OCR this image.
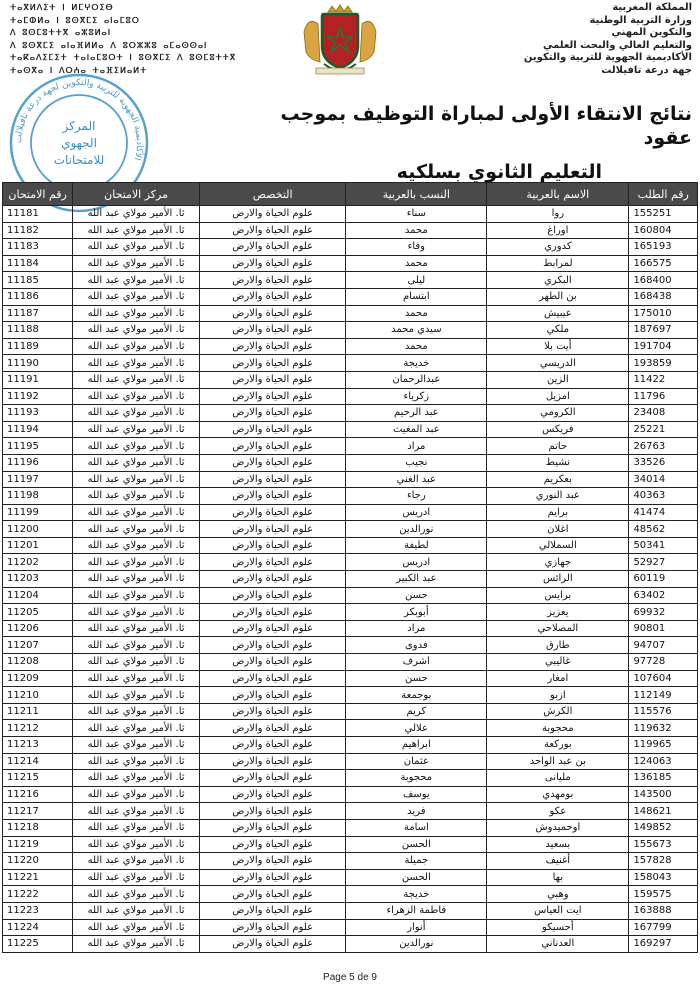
المملكة المغربية
وزارة التربية الوطنية
والتكوين المهني
والتعليم العالي والبحث العلمي
الأكاديمية الجهوية للتربية والتكوين
جهة درعة تافيلالت
ⵜⴰⴳⵍⴷⵉⵜ ⵏ ⵍⵎⵖⵔⵉⴱ
ⵜⴰⵎⵀⵍⴰ ⵏ ⵓⵙⴳⵎⵉ ⴰⵏⴰⵎⵓⵔ
ⴷ ⵓⵙⵎⵓⵜⵜⴳ ⴰⵣⵓⵍⴰⵏ
ⴷ ⵓⵙⴳⵎⵉ ⴰⵏⴰⴼⵍⵍⴰ ⴷ ⵓⵔⵣⵣⵓ ⴰⵎⴰⵙⵙⴰⵏ
ⵜⴰⴽⴰⴷⵉⵎⵉⵜ ⵜⴰⵏⴰⵎⵓⵔⵜ ⵏ ⵓⵙⴳⵎⵉ ⴷ ⵓⵙⵎⵓⵜⵜⴳ
ⵜⴰⵙⴳⴰ ⵏ ⴷⵔⵄⴰ ⵜⴰⴼⵉⵍⴰⵍⵜ
الأكاديمية الجهوية للتربية والتكوين لجهة درعة تافيلالت
المركز
الجهوي
للامتحانات
نتائج الانتقاء الأولى لمباراة التوظيف بموجب عقود
التعليم الثانوي بسلكيه
رقم الطلب	الاسم بالعربية	النسب بالعربية	التخصص	مركز الامتحان	رقم الامتحان
155251	روا	سناء	علوم الحياة والارض	ثا. الأمير مولاي عبد الله	11181
160804	اوراغ	محمد	علوم الحياة والارض	ثا. الأمير مولاي عبد الله	11182
165193	كدوري	وفاء	علوم الحياة والارض	ثا. الأمير مولاي عبد الله	11183
166575	لمرابط	محمد	علوم الحياة والارض	ثا. الأمير مولاي عبد الله	11184
168400	البكري	ليلى	علوم الحياة والارض	ثا. الأمير مولاي عبد الله	11185
168438	بن الطهر	ابتسام	علوم الحياة والارض	ثا. الأمير مولاي عبد الله	11186
175010	عيبيش	محمد	علوم الحياة والارض	ثا. الأمير مولاي عبد الله	11187
187697	ملكي	سيدي محمد	علوم الحياة والارض	ثا. الأمير مولاي عبد الله	11188
191704	أيت بلا	محمد	علوم الحياة والارض	ثا. الأمير مولاي عبد الله	11189
193859	الدريسي	خديجة	علوم الحياة والارض	ثا. الأمير مولاي عبد الله	11190
11422	الزين	عبدالرحمان	علوم الحياة والارض	ثا. الأمير مولاي عبد الله	11191
11796	امزيل	زكرياء	علوم الحياة والارض	ثا. الأمير مولاي عبد الله	11192
23408	الكرومي	عبد الرحيم	علوم الحياة والارض	ثا. الأمير مولاي عبد الله	11193
25221	فريكس	عبد المغيث	علوم الحياة والارض	ثا. الأمير مولاي عبد الله	11194
26763	حاتم	مراد	علوم الحياة والارض	ثا. الأمير مولاي عبد الله	11195
33526	نشيط	نجيب	علوم الحياة والارض	ثا. الأمير مولاي عبد الله	11196
34014	بعكريم	عبد الغني	علوم الحياة والارض	ثا. الأمير مولاي عبد الله	11197
40363	عبد النوري	رجاء	علوم الحياة والارض	ثا. الأمير مولاي عبد الله	11198
41474	برايم	ادريس	علوم الحياة والارض	ثا. الأمير مولاي عبد الله	11199
48562	اغلان	نورالدين	علوم الحياة والارض	ثا. الأمير مولاي عبد الله	11200
50341	السملالي	لطيفة	علوم الحياة والارض	ثا. الأمير مولاي عبد الله	11201
52927	جهازي	ادريس	علوم الحياة والارض	ثا. الأمير مولاي عبد الله	11202
60119	الرائس	عبد الكبير	علوم الحياة والارض	ثا. الأمير مولاي عبد الله	11203
63402	برايس	حسن	علوم الحياة والارض	ثا. الأمير مولاي عبد الله	11204
69932	يعزيز	أبوبكر	علوم الحياة والارض	ثا. الأمير مولاي عبد الله	11205
90801	المصلاحي	مراد	علوم الحياة والارض	ثا. الأمير مولاي عبد الله	11206
94707	طارق	فدوى	علوم الحياة والارض	ثا. الأمير مولاي عبد الله	11207
97728	غاليبي	اشرف	علوم الحياة والارض	ثا. الأمير مولاي عبد الله	11208
107604	امغار	حسن	علوم الحياة والارض	ثا. الأمير مولاي عبد الله	11209
112149	ازبو	بوجمعة	علوم الحياة والارض	ثا. الأمير مولاي عبد الله	11210
115576	الكرش	كريم	علوم الحياة والارض	ثا. الأمير مولاي عبد الله	11211
119632	محجوبة	علالي	علوم الحياة والارض	ثا. الأمير مولاي عبد الله	11212
119965	بوركعة	ابراهيم	علوم الحياة والارض	ثا. الأمير مولاي عبد الله	11213
124063	بن عبد الواحد	عثمان	علوم الحياة والارض	ثا. الأمير مولاي عبد الله	11214
136185	مليانى	محجوبة	علوم الحياة والارض	ثا. الأمير مولاي عبد الله	11215
143500	بومهدي	يوسف	علوم الحياة والارض	ثا. الأمير مولاي عبد الله	11216
148621	عكو	فريد	علوم الحياة والارض	ثا. الأمير مولاي عبد الله	11217
149852	اوحميدوش	اسامة	علوم الحياة والارض	ثا. الأمير مولاي عبد الله	11218
155673	بسعيد	الحسن	علوم الحياة والارض	ثا. الأمير مولاي عبد الله	11219
157828	أغنيف	جميلة	علوم الحياة والارض	ثا. الأمير مولاي عبد الله	11220
158043	بها	الحسن	علوم الحياة والارض	ثا. الأمير مولاي عبد الله	11221
159575	وهبي	خديجة	علوم الحياة والارض	ثا. الأمير مولاي عبد الله	11222
163888	ايت العياس	فاطمة الزهراء	علوم الحياة والارض	ثا. الأمير مولاي عبد الله	11223
167799	أحسيكو	أنوار	علوم الحياة والارض	ثا. الأمير مولاي عبد الله	11224
169297	العدناني	نورالدين	علوم الحياة والارض	ثا. الأمير مولاي عبد الله	11225
Page 5 de 9
